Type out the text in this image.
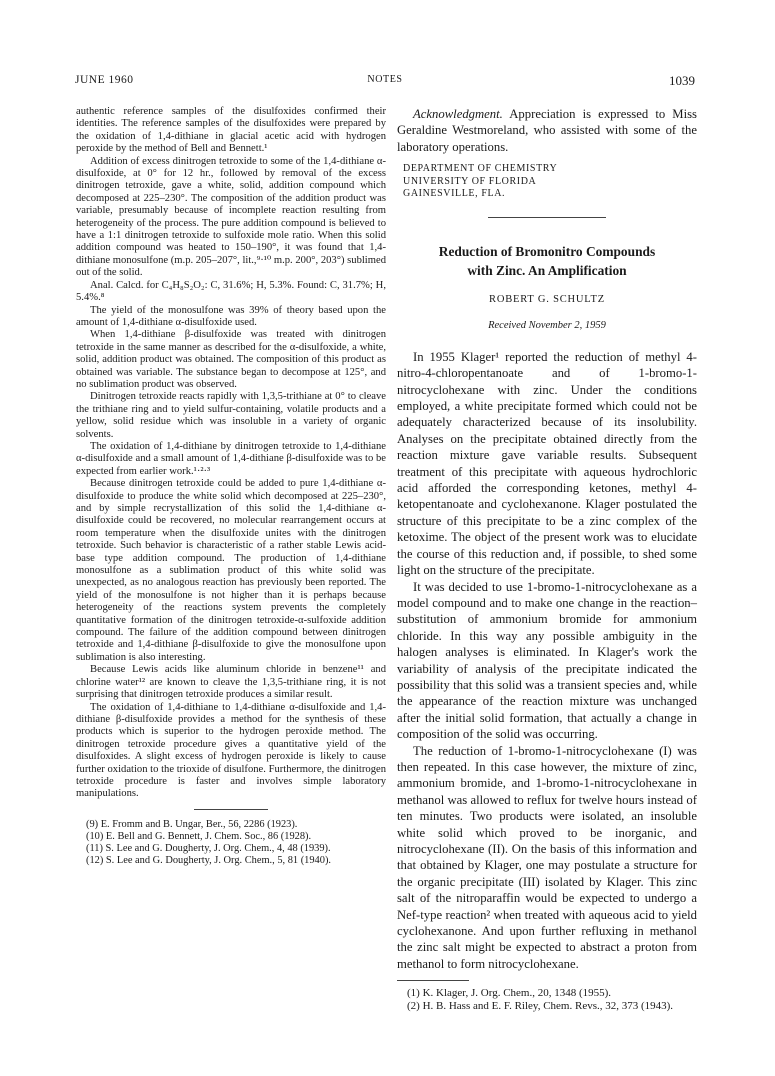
JUNE 1960	NOTES	1039

authentic reference samples of the disulfoxides confirmed their identities. The reference samples of the disulfoxides were prepared by the oxidation of 1,4-dithiane in glacial acetic acid with hydrogen peroxide by the method of Bell and Bennett.¹

Addition of excess dinitrogen tetroxide to some of the 1,4-dithiane α-disulfoxide, at 0° for 12 hr., followed by removal of the excess dinitrogen tetroxide, gave a white, solid, addition compound which decomposed at 225–230°. The composition of the addition product was variable, presumably because of incomplete reaction resulting from heterogeneity of the process. The pure addition compound is believed to have a 1:1 dinitrogen tetroxide to sulfoxide mole ratio. When this solid addition compound was heated to 150–190°, it was found that 1,4-dithiane monosulfone (m.p. 205–207°, lit.,⁹·¹⁰ m.p. 200°, 203°) sublimed out of the solid.

Anal. Calcd. for C₄H₈S₂O₂: C, 31.6%; H, 5.3%. Found: C, 31.7%; H, 5.4%.⁸

The yield of the monosulfone was 39% of theory based upon the amount of 1,4-dithiane α-disulfoxide used.

When 1,4-dithiane β-disulfoxide was treated with dinitrogen tetroxide in the same manner as described for the α-disulfoxide, a white, solid, addition product was obtained. The composition of this product as obtained was variable. The substance began to decompose at 125°, and no sublimation product was observed.

Dinitrogen tetroxide reacts rapidly with 1,3,5-trithiane at 0° to cleave the trithiane ring and to yield sulfur-containing, volatile products and a yellow, solid residue which was insoluble in a variety of organic solvents.

The oxidation of 1,4-dithiane by dinitrogen tetroxide to 1,4-dithiane α-disulfoxide and a small amount of 1,4-dithiane β-disulfoxide was to be expected from earlier work.¹·²·³

Because dinitrogen tetroxide could be added to pure 1,4-dithiane α-disulfoxide to produce the white solid which decomposed at 225–230°, and by simple recrystallization of this solid the 1,4-dithiane α-disulfoxide could be recovered, no molecular rearrangement occurs at room temperature when the disulfoxide unites with the dinitrogen tetroxide. Such behavior is characteristic of a rather stable Lewis acid-base type addition compound. The production of 1,4-dithiane monosulfone as a sublimation product of this white solid was unexpected, as no analogous reaction has previously been reported. The yield of the monosulfone is not higher than it is perhaps because heterogeneity of the reactions system prevents the completely quantitative formation of the dinitrogen tetroxide-α-sulfoxide addition compound. The failure of the addition compound between dinitrogen tetroxide and 1,4-dithiane β-disulfoxide to give the monosulfone upon sublimation is also interesting.

Because Lewis acids like aluminum chloride in benzene¹¹ and chlorine water¹² are known to cleave the 1,3,5-trithiane ring, it is not surprising that dinitrogen tetroxide produces a similar result.

The oxidation of 1,4-dithiane to 1,4-dithiane α-disulfoxide and 1,4-dithiane β-disulfoxide provides a method for the synthesis of these products which is superior to the hydrogen peroxide method. The dinitrogen tetroxide procedure gives a quantitative yield of the disulfoxides. A slight excess of hydrogen peroxide is likely to cause further oxidation to the trioxide of disulfone. Furthermore, the dinitrogen tetroxide procedure is faster and involves simple laboratory manipulations.

(9) E. Fromm and B. Ungar, Ber., 56, 2286 (1923).

(10) E. Bell and G. Bennett, J. Chem. Soc., 86 (1928).

(11) S. Lee and G. Dougherty, J. Org. Chem., 4, 48 (1939).

(12) S. Lee and G. Dougherty, J. Org. Chem., 5, 81 (1940).

Acknowledgment. Appreciation is expressed to Miss Geraldine Westmoreland, who assisted with some of the laboratory operations.

DEPARTMENT OF CHEMISTRY
UNIVERSITY OF FLORIDA
GAINESVILLE, FLA.

Reduction of Bromonitro Compounds
with Zinc. An Amplification

ROBERT G. SCHULTZ
Received November 2, 1959

In 1955 Klager¹ reported the reduction of methyl 4-nitro-4-chloropentanoate and of 1-bromo-1-nitrocyclohexane with zinc. Under the conditions employed, a white precipitate formed which could not be adequately characterized because of its insolubility. Analyses on the precipitate obtained directly from the reaction mixture gave variable results. Subsequent treatment of this precipitate with aqueous hydrochloric acid afforded the corresponding ketones, methyl 4-ketopentanoate and cyclohexanone. Klager postulated the structure of this precipitate to be a zinc complex of the ketoxime. The object of the present work was to elucidate the course of this reduction and, if possible, to shed some light on the structure of the precipitate.

It was decided to use 1-bromo-1-nitrocyclohexane as a model compound and to make one change in the reaction–substitution of ammonium bromide for ammonium chloride. In this way any possible ambiguity in the halogen analyses is eliminated. In Klager's work the variability of analysis of the precipitate indicated the possibility that this solid was a transient species and, while the appearance of the reaction mixture was unchanged after the initial solid formation, that actually a change in composition of the solid was occurring.

The reduction of 1-bromo-1-nitrocyclohexane (I) was then repeated. In this case however, the mixture of zinc, ammonium bromide, and 1-bromo-1-nitrocyclohexane in methanol was allowed to reflux for twelve hours instead of ten minutes. Two products were isolated, an insoluble white solid which proved to be inorganic, and nitrocyclohexane (II). On the basis of this information and that obtained by Klager, one may postulate a structure for the organic precipitate (III) isolated by Klager. This zinc salt of the nitroparaffin would be expected to undergo a Nef-type reaction² when treated with aqueous acid to yield cyclohexanone. And upon further refluxing in methanol the zinc salt might be expected to abstract a proton from methanol to form nitrocyclohexane.

(1) K. Klager, J. Org. Chem., 20, 1348 (1955).

(2) H. B. Hass and E. F. Riley, Chem. Revs., 32, 373 (1943).
